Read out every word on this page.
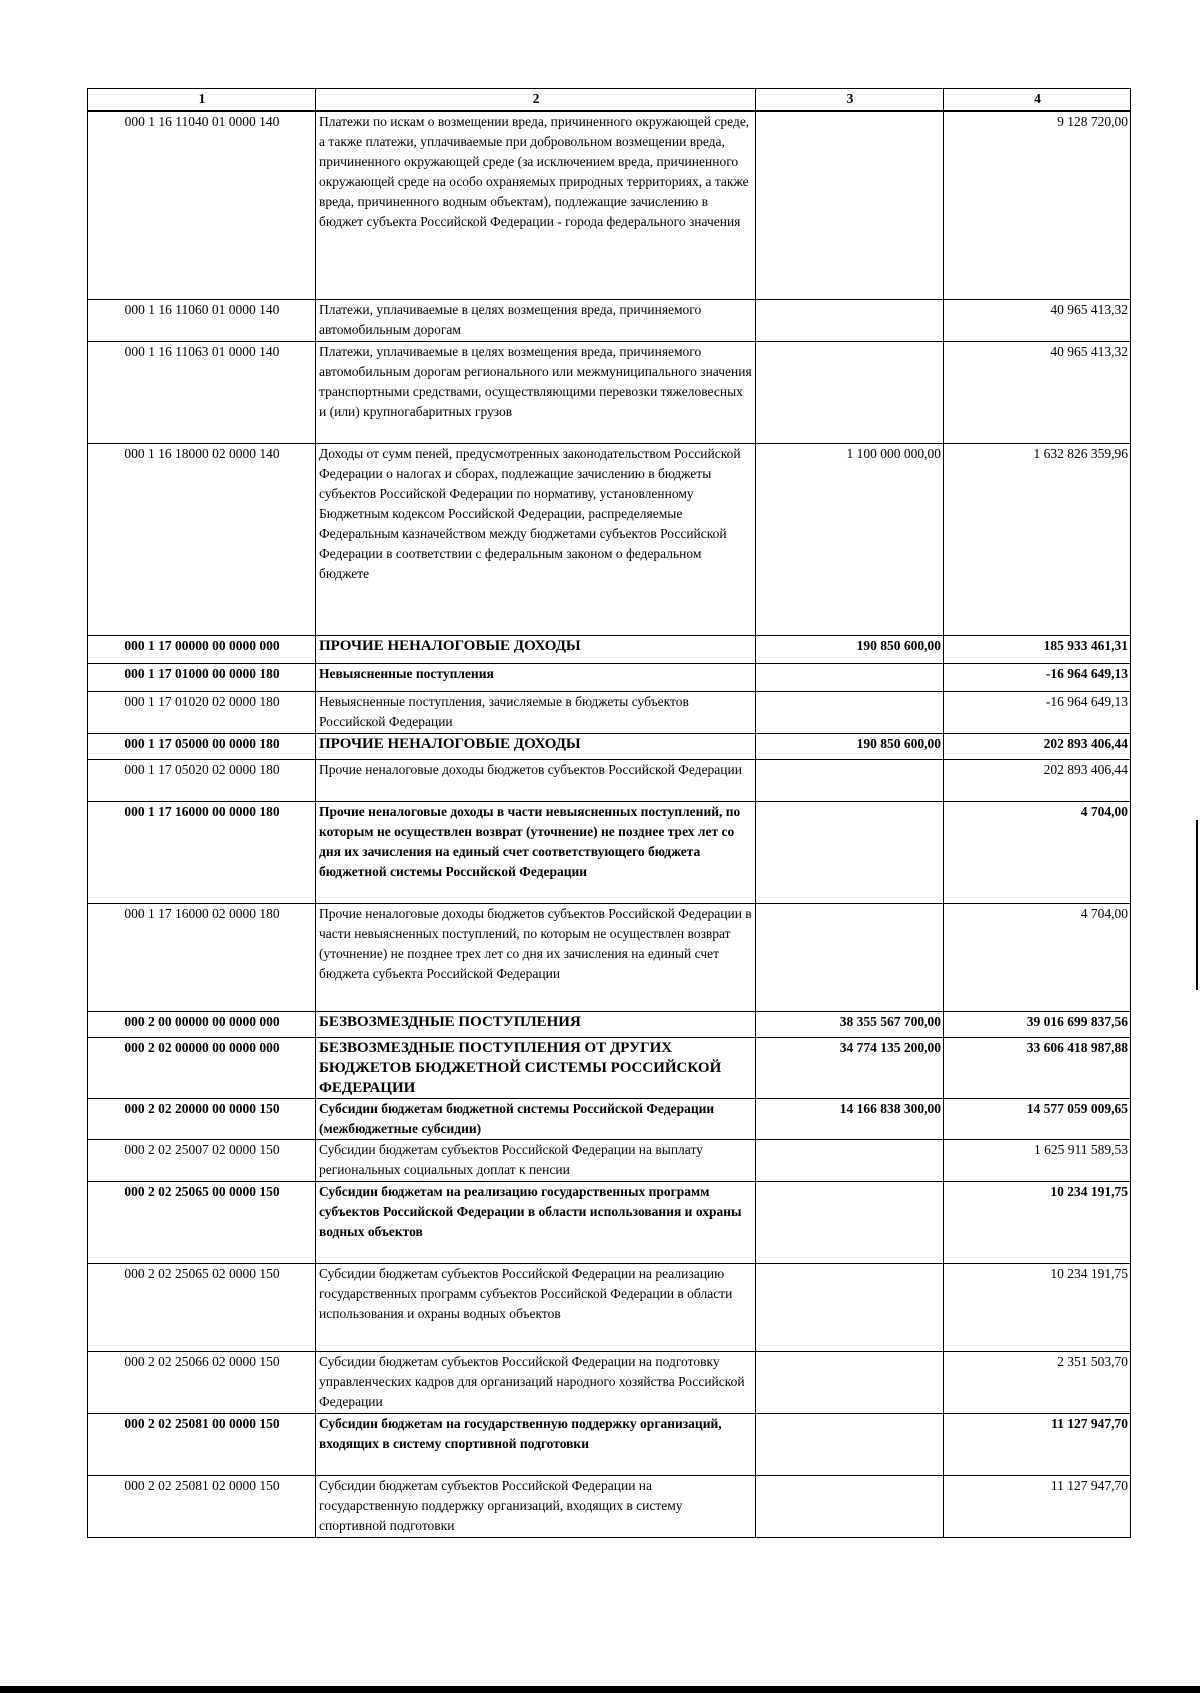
1	2	3	4
000 1 16 11040 01 0000 140	Платежи по искам о возмещении вреда, причиненного окружающей среде, а также платежи, уплачиваемые при добровольном возмещении вреда, причиненного окружающей среде (за исключением вреда, причиненного окружающей среде на особо охраняемых природных территориях, а также вреда, причиненного водным объектам), подлежащие зачислению в бюджет субъекта Российской Федерации - города федерального значения		9 128 720,00
000 1 16 11060 01 0000 140	Платежи, уплачиваемые в целях возмещения вреда, причиняемого автомобильным дорогам		40 965 413,32
000 1 16 11063 01 0000 140	Платежи, уплачиваемые в целях возмещения вреда, причиняемого автомобильным дорогам регионального или межмуниципального значения транспортными средствами, осуществляющими перевозки тяжеловесных и (или) крупногабаритных грузов		40 965 413,32
000 1 16 18000 02 0000 140	Доходы от сумм пеней, предусмотренных законодательством Российской Федерации о налогах и сборах, подлежащие зачислению в бюджеты субъектов Российской Федерации по нормативу, установленному Бюджетным кодексом Российской Федерации, распределяемые Федеральным казначейством между бюджетами субъектов Российской Федерации в соответствии с федеральным законом о федеральном бюджете	1 100 000 000,00	1 632 826 359,96
000 1 17 00000 00 0000 000	ПРОЧИЕ НЕНАЛОГОВЫЕ ДОХОДЫ	190 850 600,00	185 933 461,31
000 1 17 01000 00 0000 180	Невыясненные поступления		-16 964 649,13
000 1 17 01020 02 0000 180	Невыясненные поступления, зачисляемые в бюджеты субъектов Российской Федерации		-16 964 649,13
000 1 17 05000 00 0000 180	ПРОЧИЕ НЕНАЛОГОВЫЕ ДОХОДЫ	190 850 600,00	202 893 406,44
000 1 17 05020 02 0000 180	Прочие неналоговые доходы бюджетов субъектов Российской Федерации		202 893 406,44
000 1 17 16000 00 0000 180	Прочие неналоговые доходы в части невыясненных поступлений, по которым не осуществлен возврат (уточнение) не позднее трех лет со дня их зачисления на единый счет соответствующего бюджета бюджетной системы Российской Федерации		4 704,00
000 1 17 16000 02 0000 180	Прочие неналоговые доходы бюджетов субъектов Российской Федерации в части невыясненных поступлений, по которым не осуществлен возврат (уточнение) не позднее трех лет со дня их зачисления на единый счет бюджета субъекта Российской Федерации		4 704,00
000 2 00 00000 00 0000 000	БЕЗВОЗМЕЗДНЫЕ ПОСТУПЛЕНИЯ	38 355 567 700,00	39 016 699 837,56
000 2 02 00000 00 0000 000	БЕЗВОЗМЕЗДНЫЕ ПОСТУПЛЕНИЯ ОТ ДРУГИХ БЮДЖЕТОВ БЮДЖЕТНОЙ СИСТЕМЫ РОССИЙСКОЙ ФЕДЕРАЦИИ	34 774 135 200,00	33 606 418 987,88
000 2 02 20000 00 0000 150	Субсидии бюджетам бюджетной системы Российской Федерации (межбюджетные субсидии)	14 166 838 300,00	14 577 059 009,65
000 2 02 25007 02 0000 150	Субсидии бюджетам субъектов Российской Федерации на выплату региональных социальных доплат к пенсии		1 625 911 589,53
000 2 02 25065 00 0000 150	Субсидии бюджетам на реализацию государственных программ субъектов Российской Федерации в области использования и охраны водных объектов		10 234 191,75
000 2 02 25065 02 0000 150	Субсидии бюджетам субъектов Российской Федерации на реализацию государственных программ субъектов Российской Федерации в области использования и охраны водных объектов		10 234 191,75
000 2 02 25066 02 0000 150	Субсидии бюджетам субъектов Российской Федерации на подготовку управленческих кадров для организаций народного хозяйства Российской Федерации		2 351 503,70
000 2 02 25081 00 0000 150	Субсидии бюджетам на государственную поддержку организаций, входящих в систему спортивной подготовки		11 127 947,70
000 2 02 25081 02 0000 150	Субсидии бюджетам субъектов Российской Федерации на государственную поддержку организаций, входящих в систему спортивной подготовки		11 127 947,70
